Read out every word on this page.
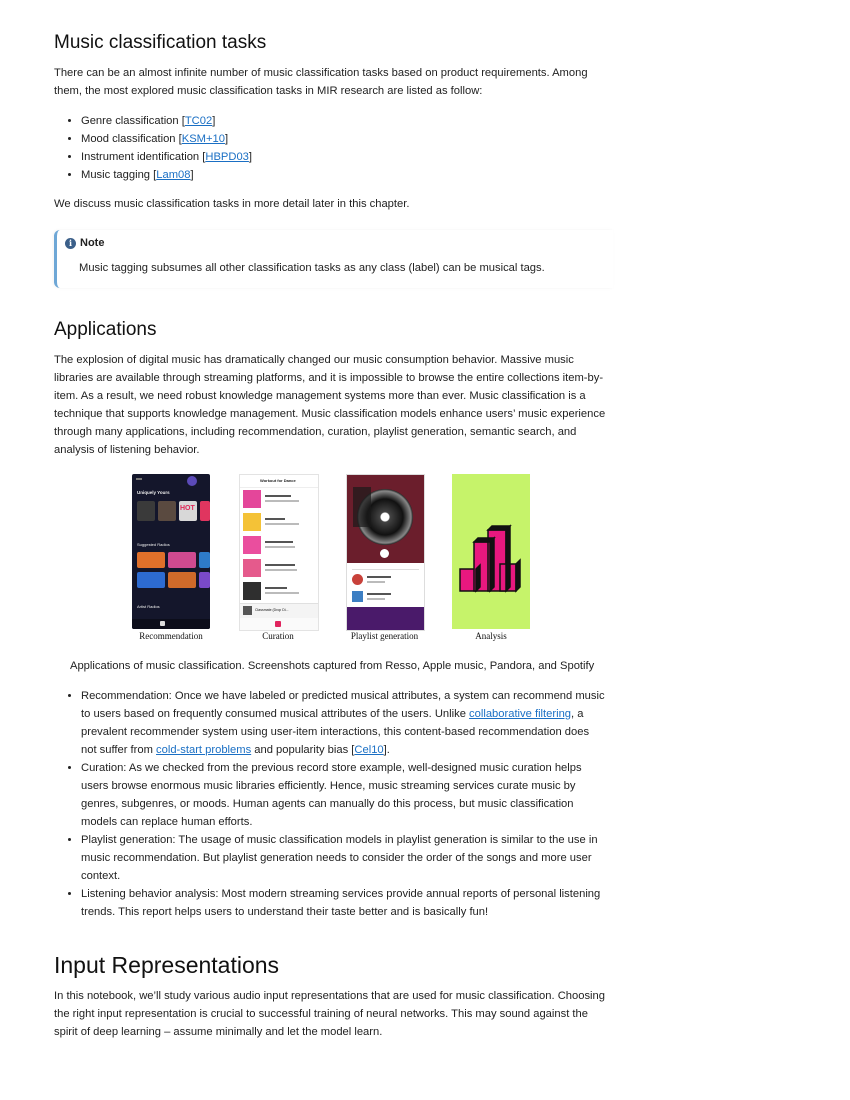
Music classification tasks

There can be an almost infinite number of music classification tasks based on product requirements. Among
them, the most explored music classification tasks in MIR research are listed as follow:

• Genre classification [TC02]
• Mood classification [KSM+10]
• Instrument identification [HBPD03]
• Music tagging [Lam08]

We discuss music classification tasks in more detail later in this chapter.

i Note
Music tagging subsumes all other classification tasks as any class (label) can be musical tags.
Applications

The explosion of digital music has dramatically changed our music consumption behavior. Massive music
libraries are available through streaming platforms, and it is impossible to browse the entire collections item-by-
item. As a result, we need robust knowledge management systems more than ever. Music classification is a
technique that supports knowledge management. Music classification models enhance users’ music experience
through many applications, including recommendation, curation, playlist generation, semantic search, and
analysis of listening behavior.

Uniquely Yours
HOT
Suggested Radios
Artist Radios
Workout for Dance
Classmate (Drop Di...
Recommendation	Curation	Playlist generation	Analysis

Applications of music classification. Screenshots captured from Resso, Apple music, Pandora, and Spotify

• Recommendation: Once we have labeled or predicted musical attributes, a system can recommend music
to users based on frequently consumed musical attributes of the users. Unlike collaborative filtering, a
prevalent recommender system using user-item interactions, this content-based recommendation does
not suffer from cold-start problems and popularity bias [Cel10].
• Curation: As we checked from the previous record store example, well-designed music curation helps
users browse enormous music libraries efficiently. Hence, music streaming services curate music by
genres, subgenres, or moods. Human agents can manually do this process, but music classification
models can replace human efforts.
• Playlist generation: The usage of music classification models in playlist generation is similar to the use in
music recommendation. But playlist generation needs to consider the order of the songs and more user
context.
• Listening behavior analysis: Most modern streaming services provide annual reports of personal listening
trends. This report helps users to understand their taste better and is basically fun!
Input Representations

In this notebook, we’ll study various audio input representations that are used for music classification. Choosing
the right input representation is crucial to successful training of neural networks. This may sound against the
spirit of deep learning – assume minimally and let the model learn.
